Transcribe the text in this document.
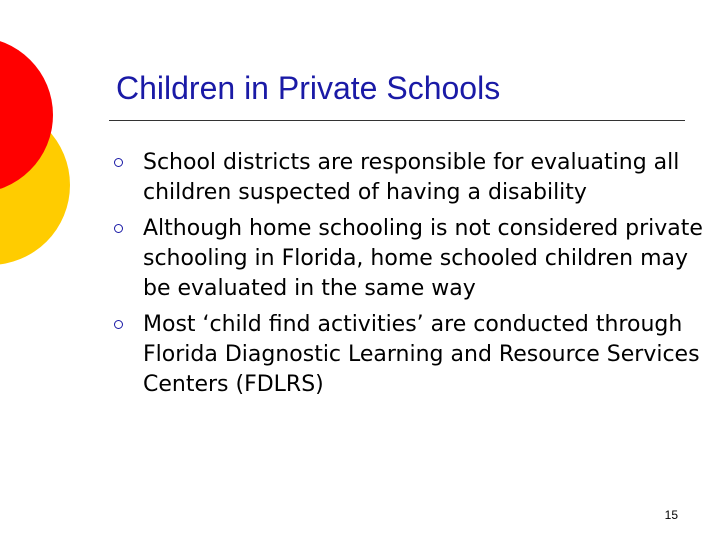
Children in Private Schools
School districts are responsible for evaluating all children suspected of having a disability
Although home schooling is not considered private schooling in Florida, home schooled children may be evaluated in the same way
Most ‘child find activities’ are conducted through Florida Diagnostic Learning and Resource Services Centers (FDLRS)
15
